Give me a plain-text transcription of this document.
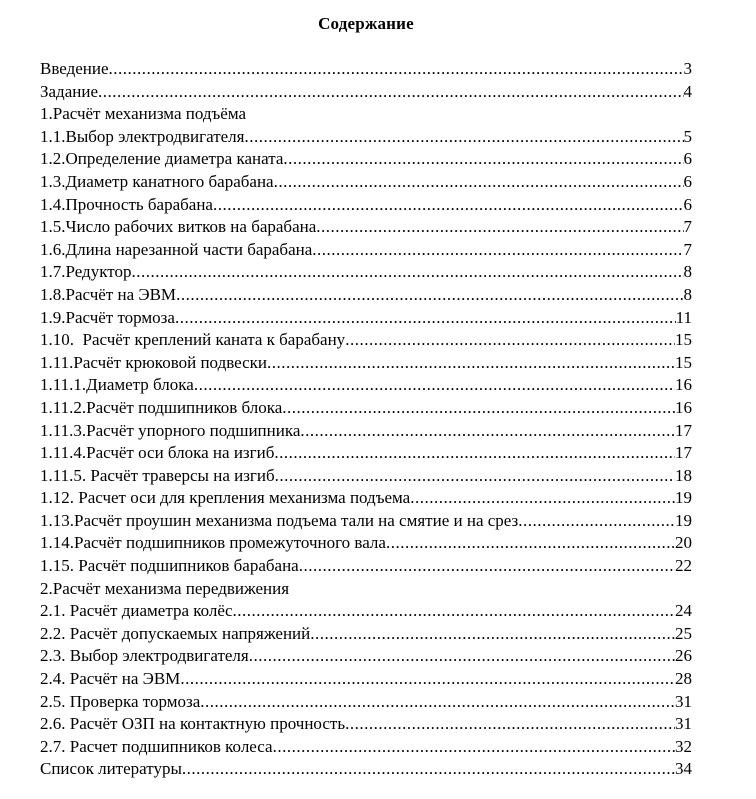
Содержание
Введение .....	3
Задание .....	4
1.Расчёт механизма подъёма
1.1.Выбор электродвигателя .....	5
1.2.Определение диаметра каната .....	6
1.3.Диаметр канатного барабана .....	6
1.4.Прочность барабана .....	6
1.5.Число рабочих витков на барабана .....	7
1.6.Длина нарезанной части барабана .....	7
1.7.Редуктор .....	8
1.8.Расчёт на ЭВМ .....	8
1.9.Расчёт тормоза .....	11
1.10.  Расчёт креплений каната к барабану .....	15
1.11.Расчёт крюковой подвески .....	15
1.11.1.Диаметр блока .....	16
1.11.2.Расчёт подшипников блока .....	16
1.11.3.Расчёт упорного подшипника .....	17
1.11.4.Расчёт оси блока на изгиб .....	17
1.11.5. Расчёт траверсы на изгиб .....	18
1.12. Расчет оси для крепления механизма подъема .....	19
1.13.Расчёт проушин механизма подъема тали на смятие и на срез .....	19
1.14.Расчёт подшипников промежуточного вала .....	20
1.15. Расчёт подшипников барабана .....	22
2.Расчёт механизма передвижения
2.1. Расчёт диаметра колёс .....	24
2.2. Расчёт допускаемых напряжений .....	25
2.3. Выбор электродвигателя .....	26
2.4. Расчёт на ЭВМ .....	28
2.5. Проверка тормоза .....	31
2.6. Расчёт ОЗП на контактную прочность .....	31
2.7. Расчет подшипников колеса .....	32
Список литературы .....	34
